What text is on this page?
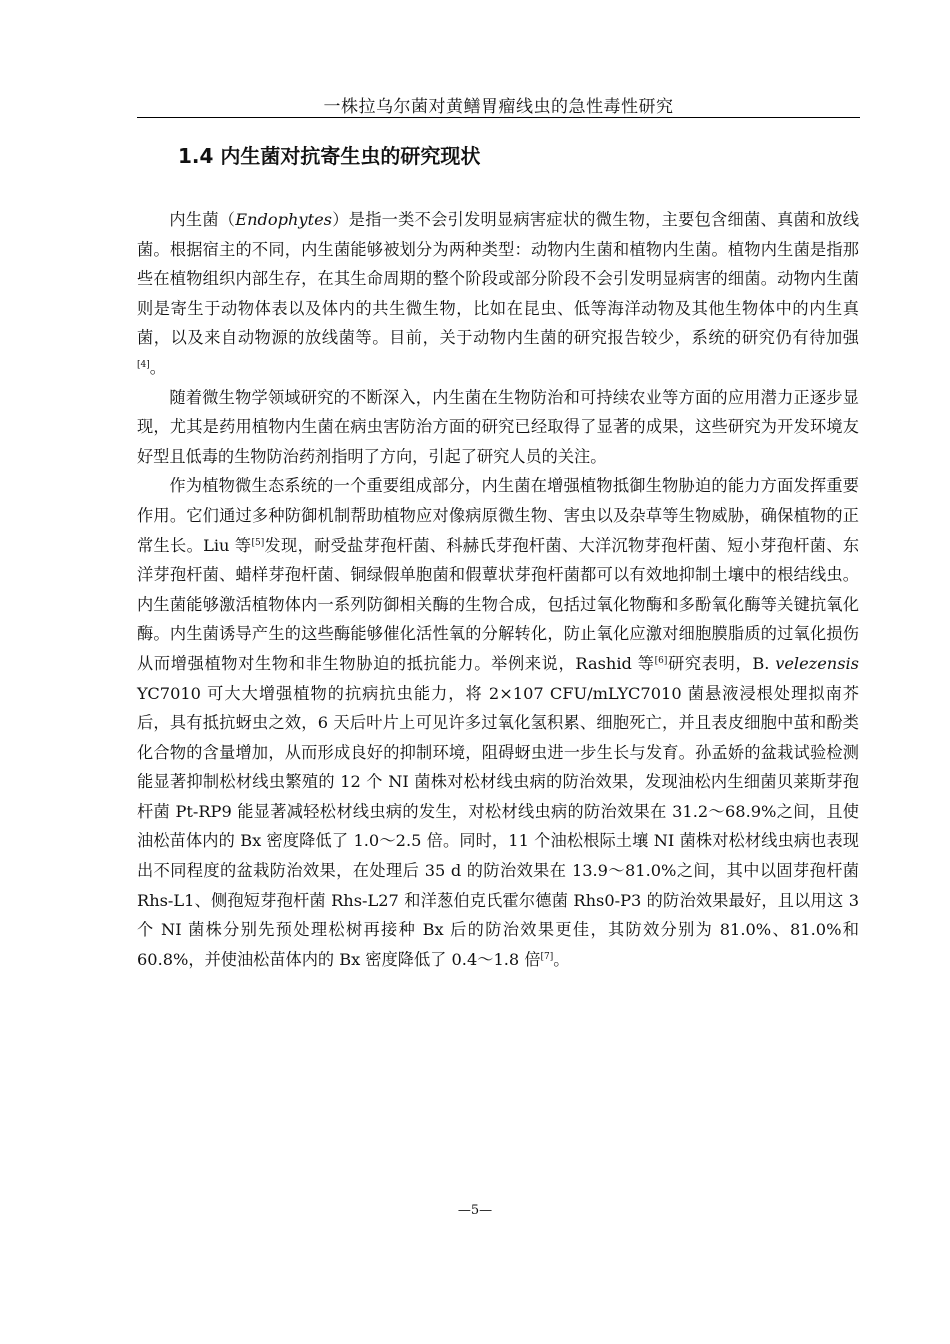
一株拉乌尔菌对黄鳝胃瘤线虫的急性毒性研究
1.4 内生菌对抗寄生虫的研究现状

内生菌（Endophytes）是指一类不会引发明显病害症状的微生物，主要包含细菌、真菌和放线菌。根据宿主的不同，内生菌能够被划分为两种类型：动物内生菌和植物内生菌。植物内生菌是指那些在植物组织内部生存，在其生命周期的整个阶段或部分阶段不会引发明显病害的细菌。动物内生菌则是寄生于动物体表以及体内的共生微生物，比如在昆虫、低等海洋动物及其他生物体中的内生真菌，以及来自动物源的放线菌等。目前，关于动物内生菌的研究报告较少，系统的研究仍有待加强[4]。

随着微生物学领域研究的不断深入，内生菌在生物防治和可持续农业等方面的应用潜力正逐步显现，尤其是药用植物内生菌在病虫害防治方面的研究已经取得了显著的成果，这些研究为开发环境友好型且低毒的生物防治药剂指明了方向，引起了研究人员的关注。

作为植物微生态系统的一个重要组成部分，内生菌在增强植物抵御生物胁迫的能力方面发挥重要作用。它们通过多种防御机制帮助植物应对像病原微生物、害虫以及杂草等生物威胁，确保植物的正常生长。Liu 等[5]发现，耐受盐芽孢杆菌、科赫氏芽孢杆菌、大洋沉物芽孢杆菌、短小芽孢杆菌、东洋芽孢杆菌、蜡样芽孢杆菌、铜绿假单胞菌和假蕈状芽孢杆菌都可以有效地抑制土壤中的根结线虫。内生菌能够激活植物体内一系列防御相关酶的生物合成，包括过氧化物酶和多酚氧化酶等关键抗氧化酶。内生菌诱导产生的这些酶能够催化活性氧的分解转化，防止氧化应激对细胞膜脂质的过氧化损伤从而增强植物对生物和非生物胁迫的抵抗能力。举例来说，Rashid 等[6]研究表明，B. velezensis YC7010 可大大增强植物的抗病抗虫能力，将 2×107 CFU/mLYC7010 菌悬液浸根处理拟南芥后，具有抵抗蚜虫之效，6 天后叶片上可见许多过氧化氢积累、细胞死亡，并且表皮细胞中茧和酚类化合物的含量增加，从而形成良好的抑制环境，阻碍蚜虫进一步生长与发育。孙孟娇的盆栽试验检测能显著抑制松材线虫繁殖的 12 个 NI 菌株对松材线虫病的防治效果，发现油松内生细菌贝莱斯芽孢杆菌 Pt-RP9 能显著减轻松材线虫病的发生，对松材线虫病的防治效果在 31.2～68.9%之间，且使油松苗体内的 Bx 密度降低了 1.0～2.5 倍。同时，11 个油松根际土壤 NI 菌株对松材线虫病也表现出不同程度的盆栽防治效果，在处理后 35 d 的防治效果在 13.9～81.0%之间，其中以固芽孢杆菌 Rhs-L1、侧孢短芽孢杆菌 Rhs-L27 和洋葱伯克氏霍尔德菌 Rhs0-P3 的防治效果最好，且以用这 3 个 NI 菌株分别先预处理松树再接种 Bx 后的防治效果更佳，其防效分别为 81.0%、81.0%和 60.8%，并使油松苗体内的 Bx 密度降低了 0.4～1.8 倍[7]。

—5—
